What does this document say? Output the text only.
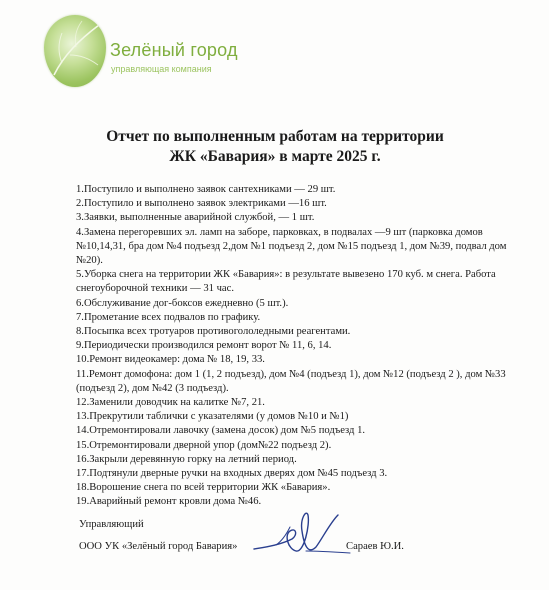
Зелёный город
управляющая компания
Отчет по выполненным работам на территории
ЖК «Бавария» в марте 2025 г.
1.Поступило и выполнено заявок сантехниками — 29 шт.
2.Поступило и выполнено заявок электриками —16 шт.
3.Заявки, выполненные аварийной службой, — 1 шт.
4.Замена перегоревших эл. ламп на заборе, парковках, в подвалах —9 шт (парковка домов №10,14,31, бра дом №4 подъезд 2,дом №1 подъезд 2, дом №15 подъезд 1, дом №39, подвал дом №20).
5.Уборка снега на территории ЖК «Бавария»: в результате вывезено 170 куб. м снега. Работа снегоуборочной техники — 31 час.
6.Обслуживание дог-боксов ежедневно (5 шт.).
7.Прометание всех подвалов по графику.
8.Посыпка всех тротуаров противогололедными реагентами.
9.Периодически производился ремонт ворот № 11, 6, 14.
10.Ремонт видеокамер: дома № 18, 19, 33.
11.Ремонт домофона: дом 1 (1, 2 подъезд), дом №4 (подъезд 1), дом №12 (подъезд 2 ), дом №33 (подъезд 2), дом №42 (3 подъезд).
12.Заменили доводчик на калитке №7, 21.
13.Прекрутили таблички с указателями (у домов №10 и №1)
14.Отремонтировали лавочку (замена досок) дом №5 подъезд 1.
15.Отремонтировали дверной упор (дом№22 подъезд 2).
16.Закрыли деревянную горку на летний период.
17.Подтянули дверные ручки на входных дверях дом №45 подъезд 3.
18.Ворошение снега по всей территории ЖК «Бавария».
19.Аварийный ремонт кровли дома №46.
Управляющий
ООО УК «Зелёный город Бавария»	Сараев Ю.И.
